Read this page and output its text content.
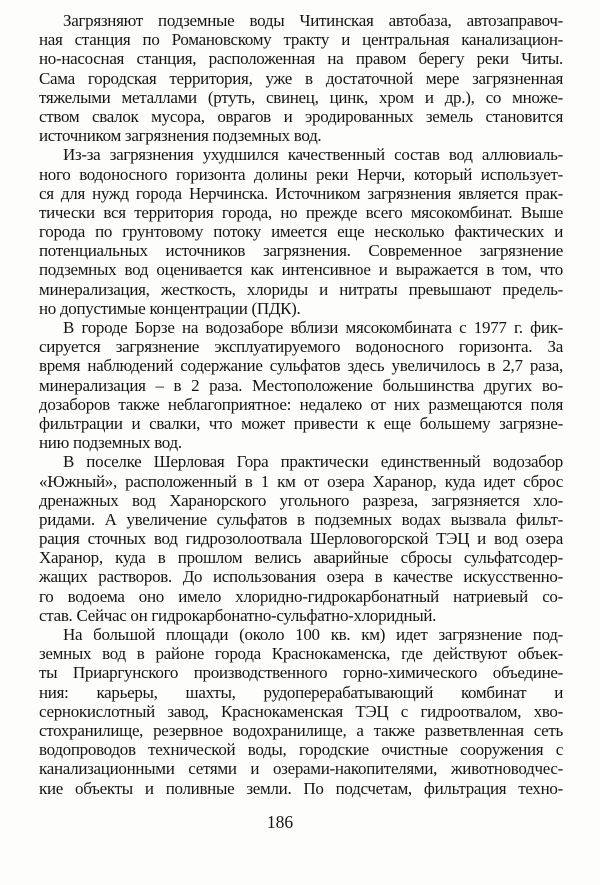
Загрязняют подземные воды Читинская автобаза, автозаправоч-
ная станция по Романовскому тракту и центральная канализацион-
но-насосная станция, расположенная на правом берегу реки Читы.
Сама городская территория, уже в достаточной мере загрязненная
тяжелыми металлами (ртуть, свинец, цинк, хром и др.), со множе-
ством свалок мусора, оврагов и эродированных земель становится
источником загрязнения подземных вод.
Из-за загрязнения ухудшился качественный состав вод аллювиаль-
ного водоносного горизонта долины реки Нерчи, который использует-
ся для нужд города Нерчинска. Источником загрязнения является прак-
тически вся территория города, но прежде всего мясокомбинат. Выше
города по грунтовому потоку имеется еще несколько фактических и
потенциальных источников загрязнения. Современное загрязнение
подземных вод оценивается как интенсивное и выражается в том, что
минерализация, жесткость, хлориды и нитраты превышают предель-
но допустимые концентрации (ПДК).
В городе Борзе на водозаборе вблизи мясокомбината с 1977 г. фик-
сируется загрязнение эксплуатируемого водоносного горизонта. За
время наблюдений содержание сульфатов здесь увеличилось в 2,7 раза,
минерализация – в 2 раза. Местоположение большинства других во-
дозаборов также неблагоприятное: недалеко от них размещаются поля
фильтрации и свалки, что может привести к еще большему загрязне-
нию подземных вод.
В поселке Шерловая Гора практически единственный водозабор
«Южный», расположенный в 1 км от озера Харанор, куда идет сброс
дренажных вод Харанорского угольного разреза, загрязняется хло-
ридами. А увеличение сульфатов в подземных водах вызвала фильт-
рация сточных вод гидрозолоотвала Шерловогорской ТЭЦ и вод озера
Харанор, куда в прошлом велись аварийные сбросы сульфатсодер-
жащих растворов. До использования озера в качестве искусственно-
го водоема оно имело хлоридно-гидрокарбонатный натриевый со-
став. Сейчас он гидрокарбонатно-сульфатно-хлоридный.
На большой площади (около 100 кв. км) идет загрязнение под-
земных вод в районе города Краснокаменска, где действуют объек-
ты Приаргунского производственного горно-химического объедине-
ния: карьеры, шахты, рудоперерабатывающий комбинат и
сернокислотный завод, Краснокаменская ТЭЦ с гидроотвалом, хво-
стохранилище, резервное водохранилище, а также разветвленная сеть
водопроводов технической воды, городские очистные сооружения с
канализационными сетями и озерами-накопителями, животноводчес-
кие объекты и поливные земли. По подсчетам, фильтрация техно-
186
